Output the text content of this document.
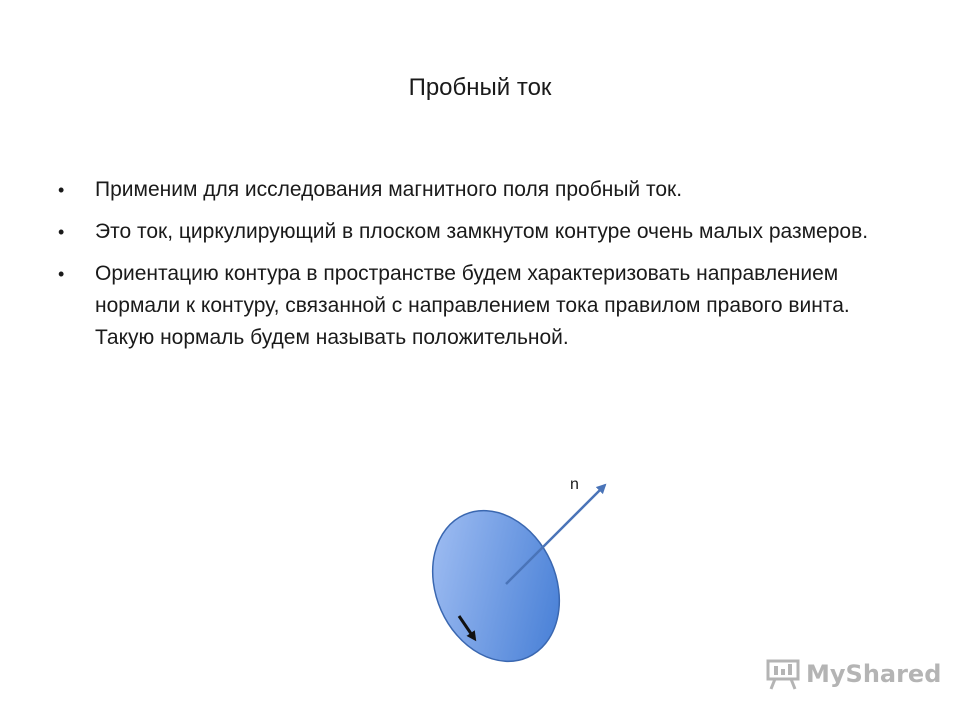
Пробный ток
• Применим для исследования магнитного поля пробный ток.
• Это ток, циркулирующий в плоском замкнутом контуре очень малых размеров.
• Ориентацию контура в пространстве будем характеризовать направлением нормали к контуру, связанной с направлением тока правилом правого винта. Такую нормаль будем называть положительной.
n
MyShared
